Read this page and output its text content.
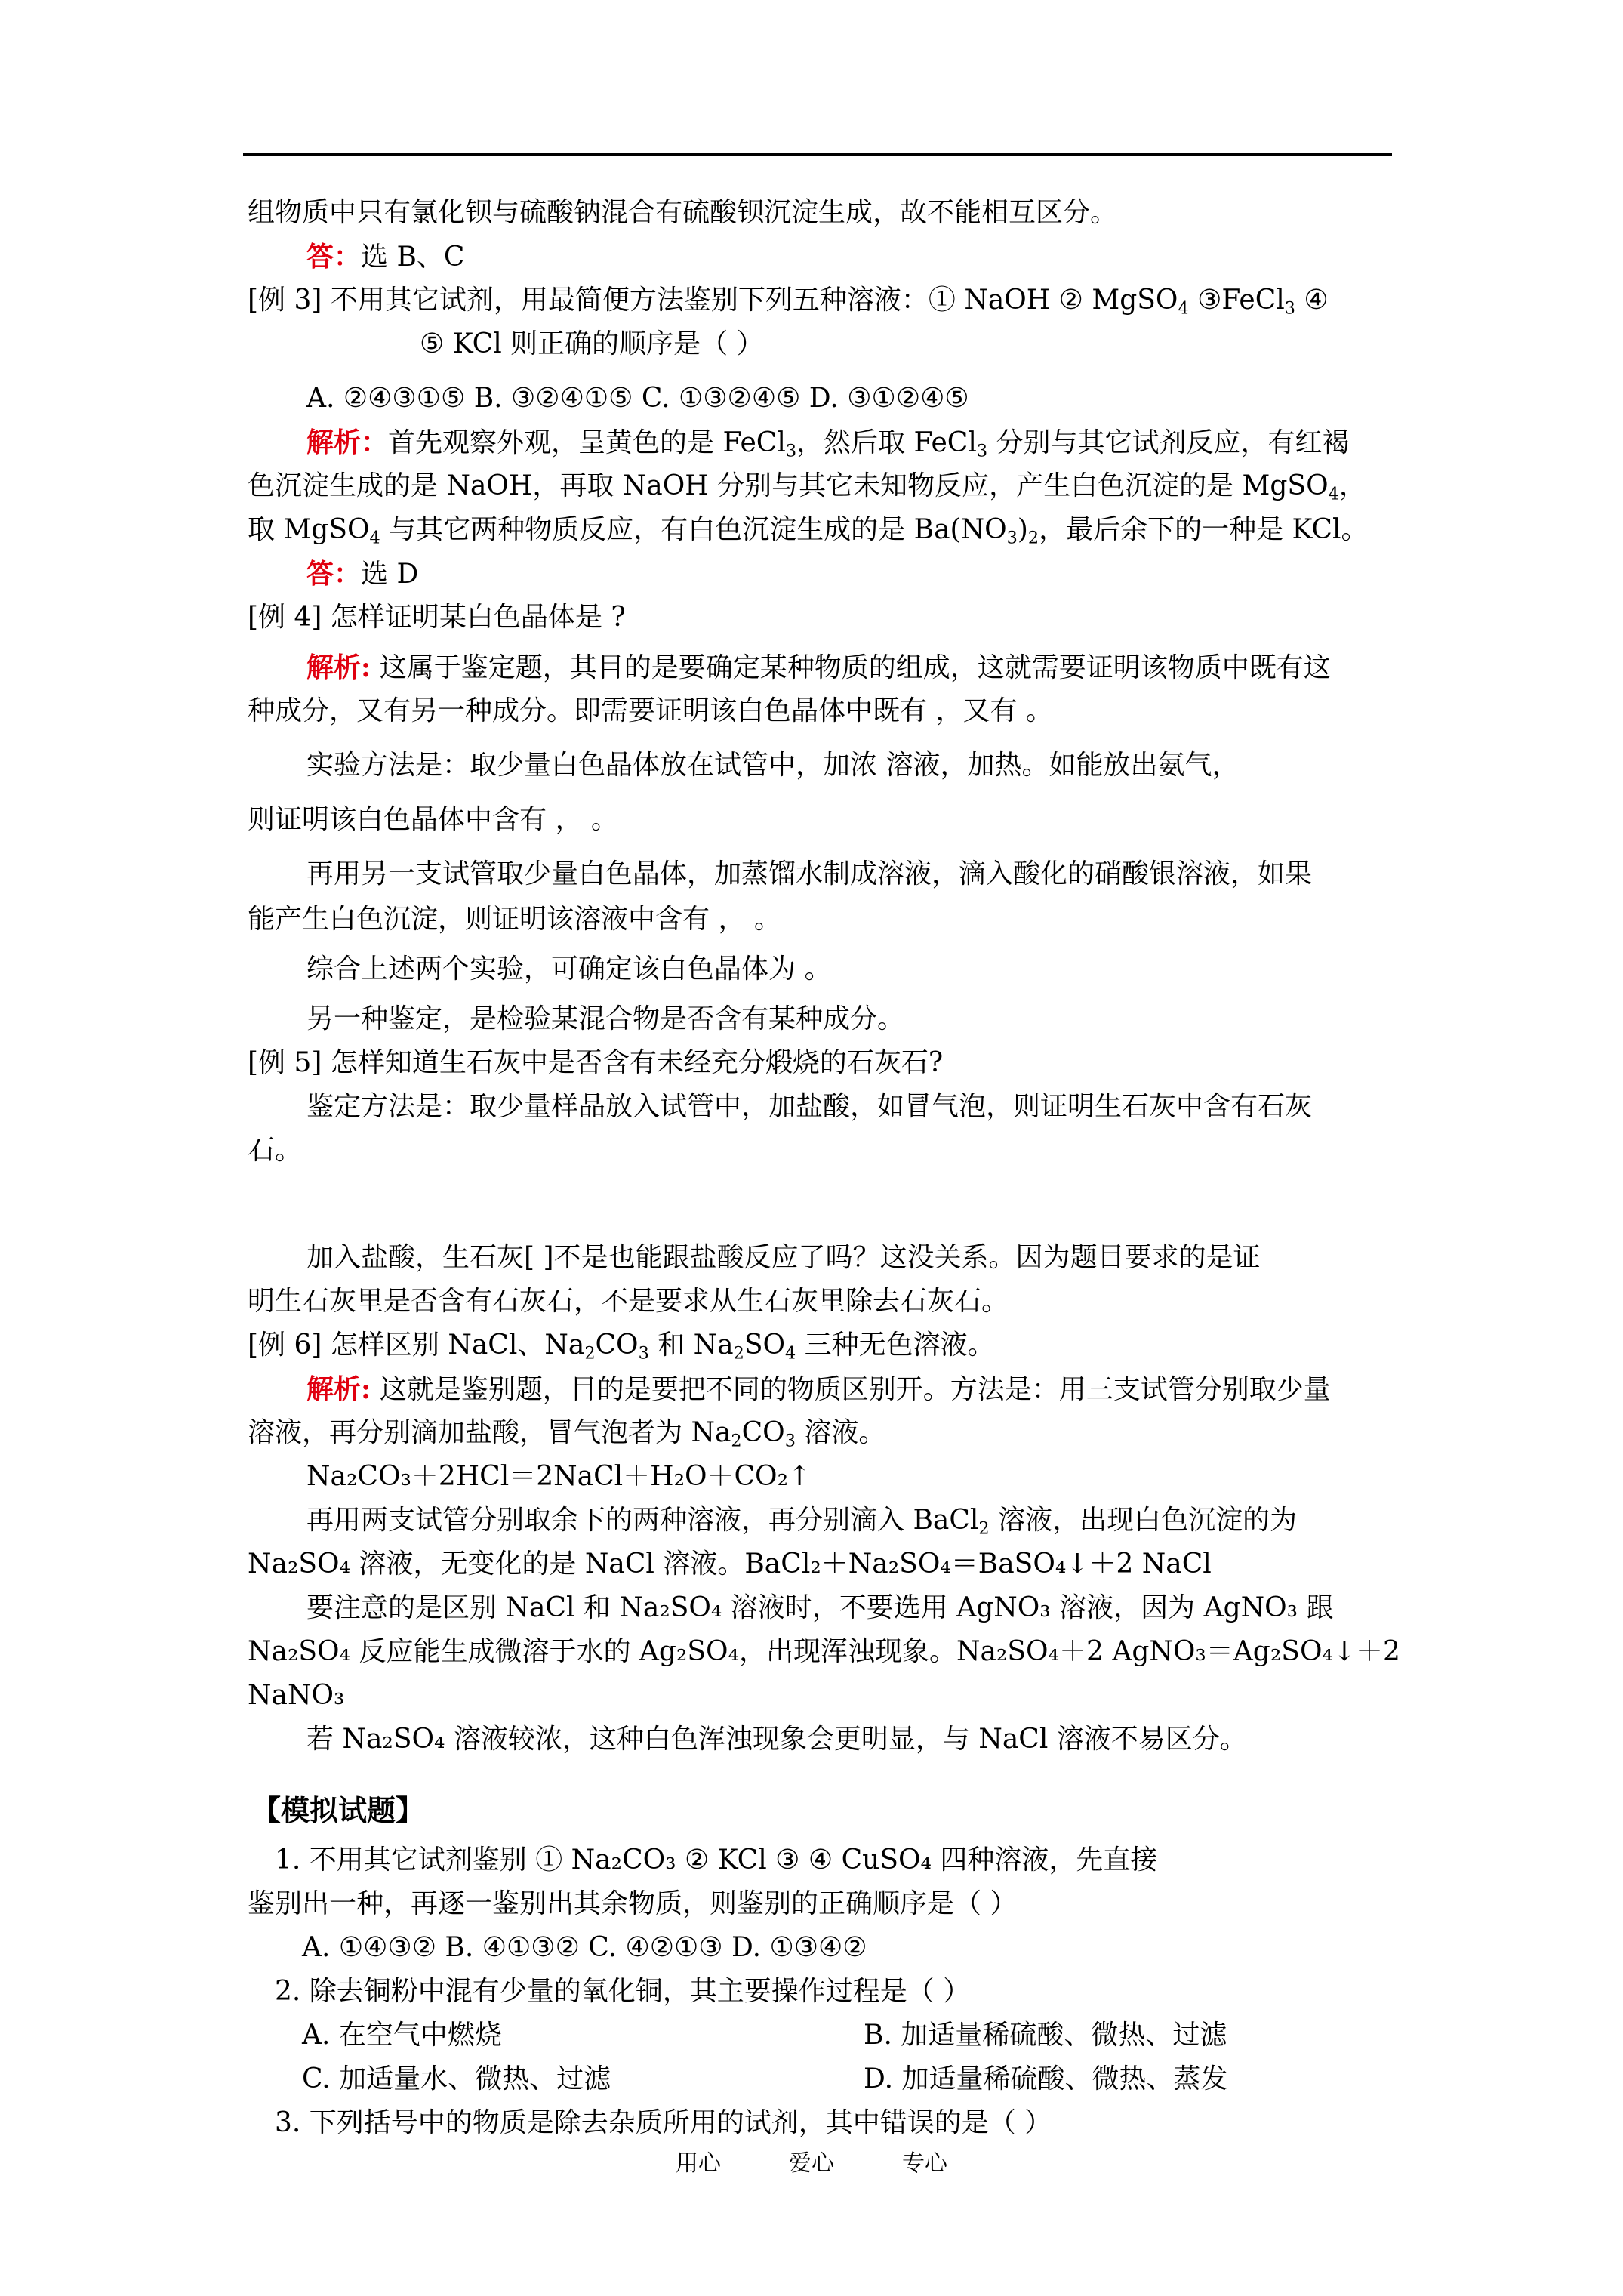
组物质中只有氯化钡与硫酸钠混合有硫酸钡沉淀生成，故不能相互区分。
答：选 B、C
[例 3] 不用其它试剂，用最简便方法鉴别下列五种溶液：① NaOH ② MgSO$_4$ ③FeCl$_3$ ④
⑤ KCl 则正确的顺序是（ ）
A. ②④③①⑤ B. ③②④①⑤ C. ①③②④⑤ D. ③①②④⑤
解析：首先观察外观，呈黄色的是 FeCl$_3$，然后取 FeCl$_3$ 分别与其它试剂反应，有红褐
色沉淀生成的是 NaOH，再取 NaOH 分别与其它未知物反应，产生白色沉淀的是 MgSO$_4$，
取 MgSO$_4$ 与其它两种物质反应，有白色沉淀生成的是 $Ba(NO_3)_2$，最后余下的一种是 KCl。
答：选 D
[例 4] 怎样证明某白色晶体是 ?
解析: 这属于鉴定题，其目的是要确定某种物质的组成，这就需要证明该物质中既有这
种成分，又有另一种成分。即需要证明该白色晶体中既有 ，又有 。
实验方法是：取少量白色晶体放在试管中，加浓 溶液，加热。如能放出氨气，
则证明该白色晶体中含有 ， 。
再用另一支试管取少量白色晶体，加蒸馏水制成溶液，滴入酸化的硝酸银溶液，如果
能产生白色沉淀，则证明该溶液中含有 ， 。
综合上述两个实验，可确定该白色晶体为 。
另一种鉴定，是检验某混合物是否含有某种成分。
[例 5] 怎样知道生石灰中是否含有未经充分煅烧的石灰石?
鉴定方法是：取少量样品放入试管中，加盐酸，如冒气泡，则证明生石灰中含有石灰
石。
加入盐酸，生石灰[ ]不是也能跟盐酸反应了吗？这没关系。因为题目要求的是证
明生石灰里是否含有石灰石，不是要求从生石灰里除去石灰石。
[例 6] 怎样区别 NaCl、$Na_2CO_3$ 和 $Na_2SO_4$ 三种无色溶液。
解析: 这就是鉴别题，目的是要把不同的物质区别开。方法是：用三支试管分别取少量
溶液，再分别滴加盐酸，冒气泡者为 $Na_2CO_3$ 溶液。
Na₂CO₃＋2HCl＝2NaCl＋H₂O＋CO₂↑
再用两支试管分别取余下的两种溶液，再分别滴入 BaCl$_2$ 溶液，出现白色沉淀的为
Na₂SO₄ 溶液，无变化的是 NaCl 溶液。BaCl₂＋Na₂SO₄＝BaSO₄↓＋2 NaCl
要注意的是区别 NaCl 和 Na₂SO₄ 溶液时，不要选用 AgNO₃ 溶液，因为 AgNO₃ 跟
Na₂SO₄ 反应能生成微溶于水的 Ag₂SO₄，出现浑浊现象。Na₂SO₄＋2 AgNO₃＝Ag₂SO₄↓＋2
NaNO₃
若 Na₂SO₄ 溶液较浓，这种白色浑浊现象会更明显，与 NaCl 溶液不易区分。
【模拟试题】
1. 不用其它试剂鉴别 ① Na₂CO₃ ② KCl ③ ④ CuSO₄ 四种溶液，先直接
鉴别出一种，再逐一鉴别出其余物质，则鉴别的正确顺序是（ ）
A. ①④③② B. ④①③② C. ④②①③ D. ①③④②
2. 除去铜粉中混有少量的氧化铜，其主要操作过程是（ ）
A. 在空气中燃烧	B. 加适量稀硫酸、微热、过滤
C. 加适量水、微热、过滤	D. 加适量稀硫酸、微热、蒸发
3. 下列括号中的物质是除去杂质所用的试剂，其中错误的是（ ）
用心	爱心	专心
